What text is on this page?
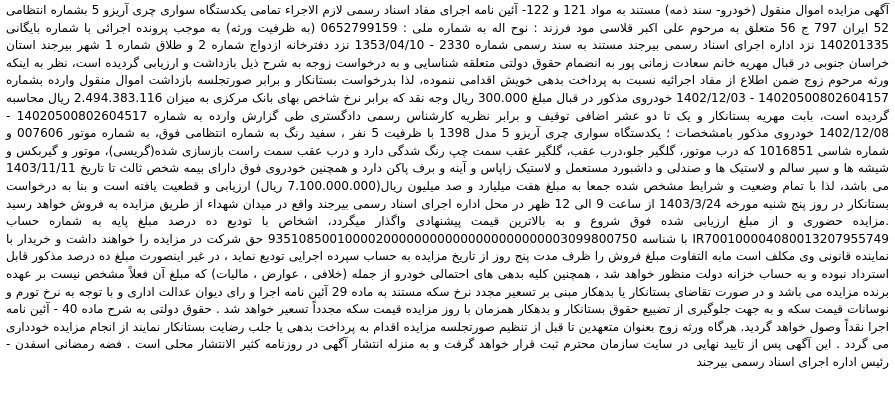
آگهی مزایده اموال منقول (خودرو- سند ذمه) مستند به مواد 121 و 122- آئین نامه اجرای مفاد اسناد رسمی لازم الاجراء تمامی یکدستگاه سواری چری آریزو 5 بشماره انتظامی 52 ایران 797 ج 56 متعلق به مرحوم علی اکبر قلاسی مود فرزند : نوح اله به شماره ملی : 0652799159 (به ظرفیت ورثه) به موجب پرونده اجرائی با شماره بایگانی 140201335 نزد اداره اجرای اسناد رسمی بیرجند مستند به سند رسمی شماره 2330 - 1353/04/10 نزد دفترخانه ازدواج شماره 2 و طلاق شماره 1 شهر بیرجند استان خراسان جنوبی در قبال مهریه خانم سعادت زمانی پور به انضمام حقوق دولتی متعلقه شناسایی و به درخواست زوجه به شرح ذیل بازداشت و ارزیابی گردیده است، نظر به اینکه ورثه مرحوم زوج ضمن اطلاع از مفاد اجرائیه نسبت به پرداخت بدهی خویش اقدامی ننموده، لذا بدرخواست بستانکار و برابر صورتجلسه بازداشت اموال منقول وارده بشماره 14020500802604157 - 1402/12/03 خودروی مذکور در قبال مبلغ 300.000 ریال وجه نقد که برابر نرخ شاخص بهای بانک مرکزی به میزان 2.494.383.116 ریال محاسبه گردیده است، بابت مهریه بستانکار و یک تا دو عشر اضافی توقیف و برابر نظریه کارشناس رسمی دادگستری طی گزارش وارده به شماره 14020500802604517 - 1402/12/08 خودروی مذکور بامشخصات ؛ یکدستگاه سواری چری آریزو 5 مدل 1398 با ظرفیت 5 نفر ، سفید رنگ به شماره انتظامی فوق، به شماره موتور 007606 و شماره شاسی 1016851 که درب موتور، گلگیر جلو،درب عقب، گلگیر عقب سمت چپ رنگ شدگی دارد و درب عقب سمت راست بازسازی شده(گریسی)، موتور و گیربکس و شیشه ها و سپر سالم و لاستیک ها و صندلی و داشبورد مستعمل و لاستیک زاپاس و آینه و برف پاکن دارد و همچنین خودروی فوق دارای بیمه شخص ثالث تا تاریخ 1403/11/11 می باشد، لذا با تمام وضعیت و شرایط مشخص شده جمعا به مبلغ هفت میلیارد و صد میلیون ریال(7.100.000.000 ریال) ارزیابی و قطعیت یافته است و بنا به درخواست بستانکار در روز پنج شنبه مورخه 1403/3/24 از ساعت 9 الی 12 ظهر در محل اداره اجرای اسناد رسمی بیرجند واقع در میدان شهداء از طریق مزایده به فروش خواهد رسید .مزایده حضوری و از مبلغ ارزیابی شده فوق شروع و به بالاترین قیمت پیشنهادی واگذار میگردد، اشخاص با تودیع ده درصد مبلغ پایه به شماره حساب IR700100004080013207955749 با شناسه 935108500100002000000000000000000000003099800750 حق شرکت در مزایده را خواهند داشت و خریدار با نماینده قانونی وی مکلف است مابه التفاوت مبلغ فروش را ظرف مدت پنج روز از تاریخ مزایده به حساب سپرده اجرایی تودیع نماید ، در غیر اینصورت مبلغ ده درصد مذکور قابل استرداد نبوده و به حساب خزانه دولت منظور خواهد شد ، همچنین کلیه بدهی های احتمالی خودرو از جمله (خلافی ، عوارض ، مالیات) که مبلغ آن فعلاً مشخص نیست بر عهده برنده مزایده می باشد و در صورت تقاضای بستانکار یا بدهکار مبنی بر تسعیر مجدد نرخ سکه مستند به ماده 29 آئین نامه اجرا و رای دیوان عدالت اداری و با توجه به نرخ تورم و نوسانات قیمت سکه و به جهت جلوگیری از تضییع حقوق بستانکار و بدهکار همزمان با روز مزایده قیمت سکه مجدداً تسعیر خواهد شد . حقوق دولتی به شرح ماده 40 - آئین نامه اجرا نقداً وصول خواهد گردید. هرگاه ورثه زوج بعنوان متعهدین تا قبل از تنظیم صورتجلسه مزایده اقدام به پرداخت بدهی یا جلب رضایت بستانکار نمایند از انجام مزایده خودداری می گردد . این آگهی پس از تایید نهایی در سایت سازمان محترم ثبت قرار خواهد گرفت و به منزله انتشار آگهی در روزنامه کثیر الانتشار محلی است . فضه رمضانی اسفدن - رئیس اداره اجرای اسناد رسمی بیرجند
